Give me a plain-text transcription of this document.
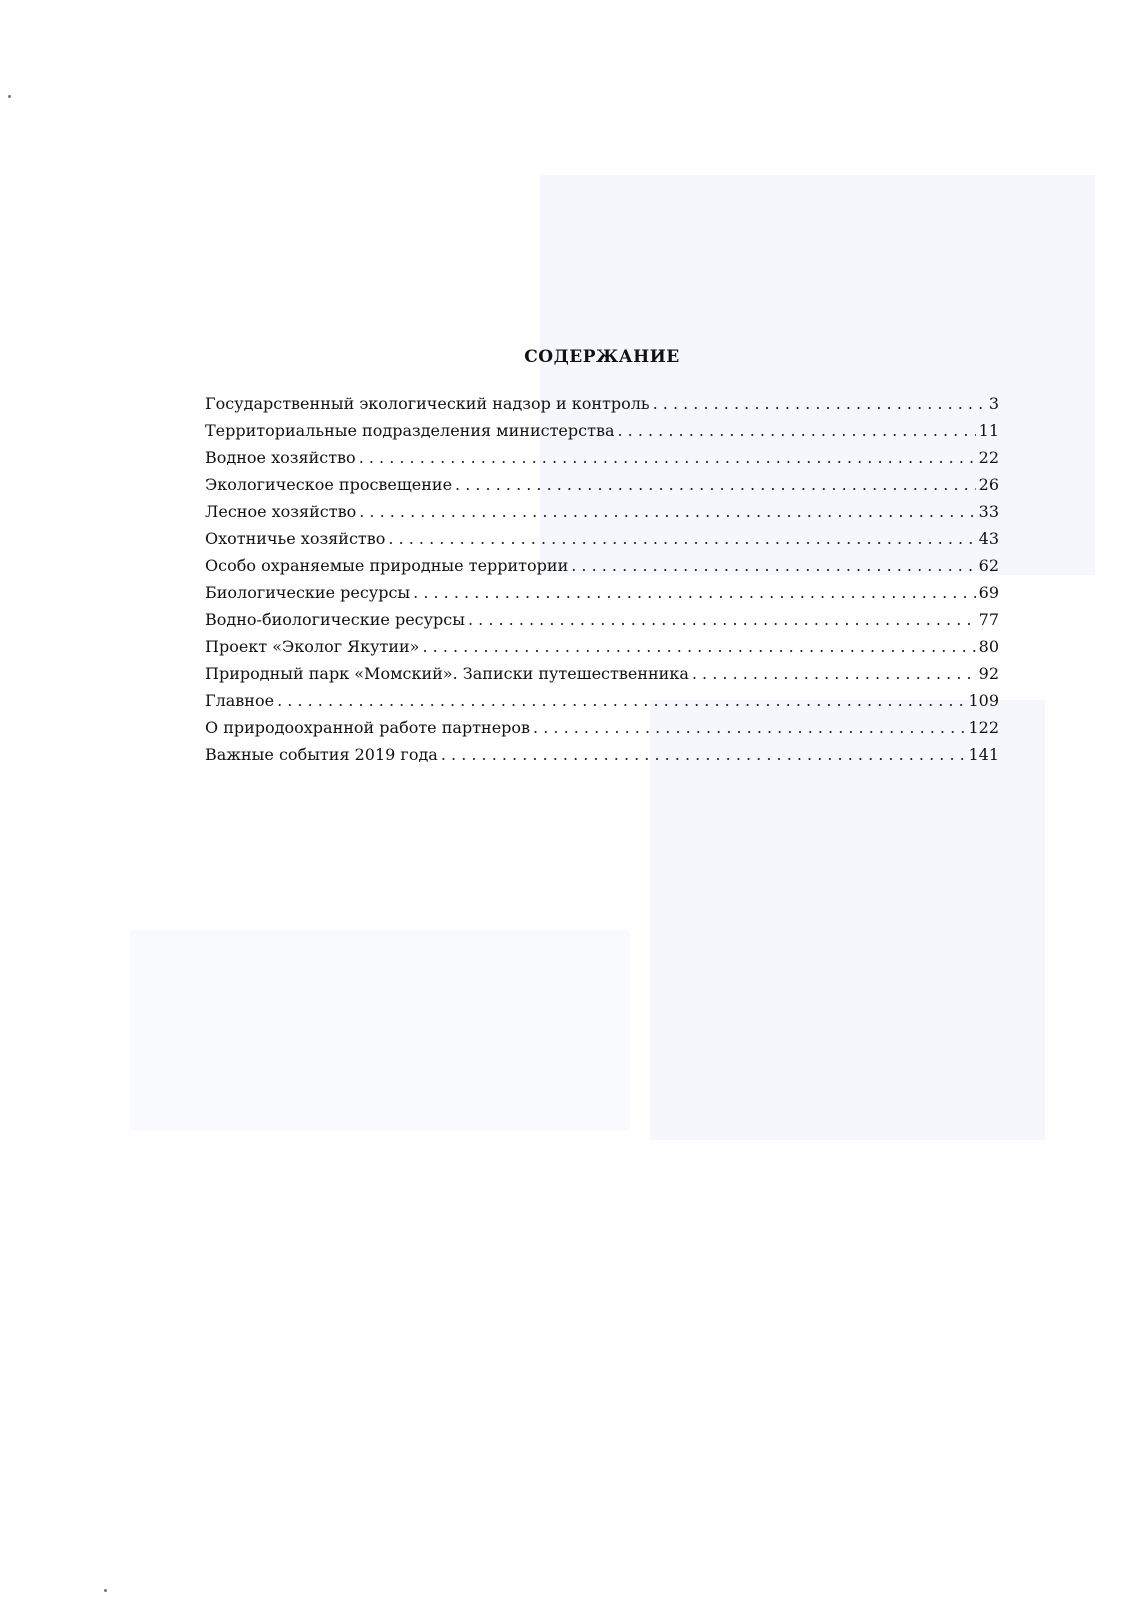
СОДЕРЖАНИЕ
Государственный экологический надзор и контроль . . .	3
Территориальные подразделения министерства . . .	11
Водное хозяйство . . .	22
Экологическое просвещение . . .	26
Лесное хозяйство . . .	33
Охотничье хозяйство . . .	43
Особо охраняемые природные территории . . .	62
Биологические ресурсы . . .	69
Водно-биологические ресурсы . . .	77
Проект «Эколог Якутии» . . .	80
Природный парк «Момский». Записки путешественника . . .	92
Главное . . .	109
О природоохранной работе партнеров . . .	122
Важные события 2019 года . . .	141
